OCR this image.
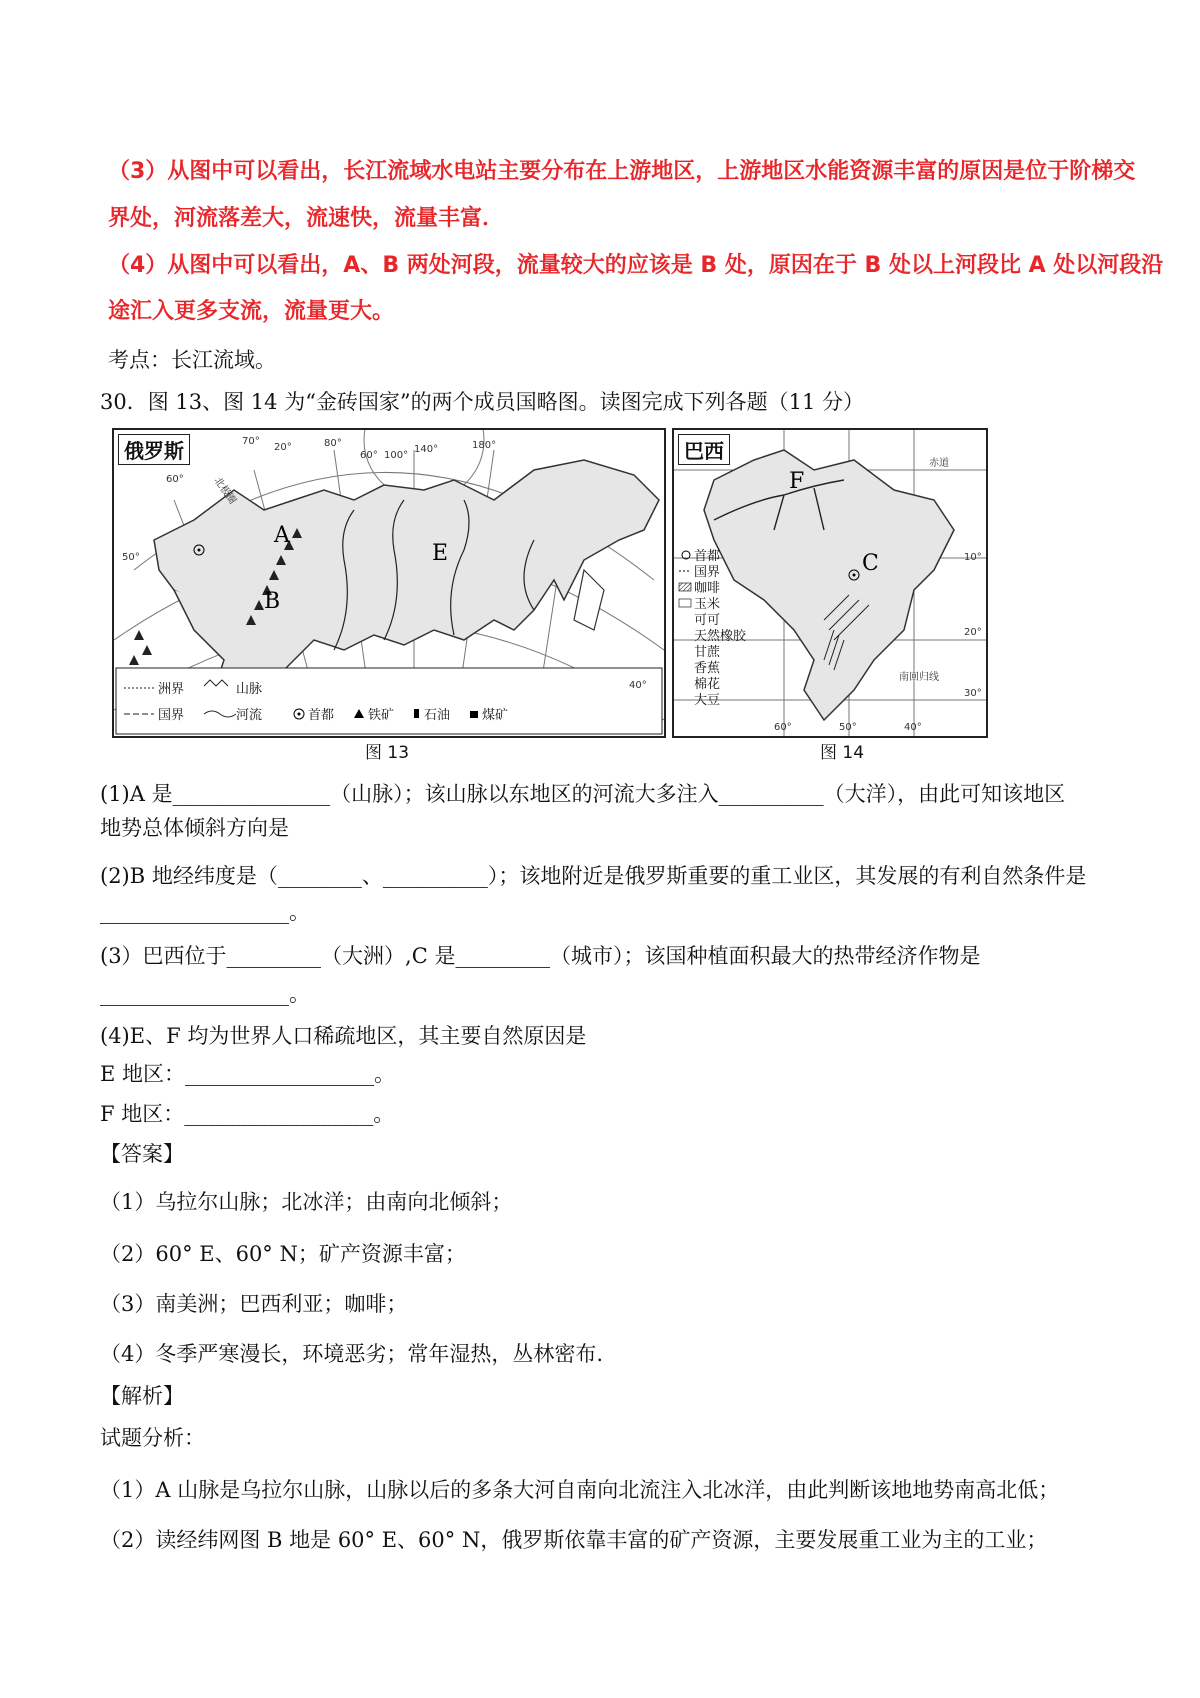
（3）从图中可以看出，长江流域水电站主要分布在上游地区，上游地区水能资源丰富的原因是位于阶梯交
界处，河流落差大，流速快，流量丰富．
（4）从图中可以看出，A、B 两处河段，流量较大的应该是 B 处，原因在于 B 处以上河段比 A 处以河段沿
途汇入更多支流，流量更大。
考点：长江流域。
30．图 13、图 14 为“金砖国家”的两个成员国略图。读图完成下列各题（11 分）
洲界
国界
山脉
河流	首都	铁矿 石油 煤矿
70°
20°	80°
60° 100°
140°	180°
60°
50°
40°
北极圈
A
B
E
俄罗斯
首都
国界
咖啡
玉米
可可
天然橡胶
甘蔗
香蕉
棉花
大豆
赤道
南回归线
10°
20°
30°
60°	50°	40°
F
C
巴西
图 13	图 14
(1)A 是_______________（山脉）；该山脉以东地区的河流大多注入__________（大洋），由此可知该地区
地势总体倾斜方向是
(2)B 地经纬度是（________、__________）；该地附近是俄罗斯重要的重工业区，其发展的有利自然条件是
__________________。
(3）巴西位于_________（大洲）,C 是_________（城市）；该国种植面积最大的热带经济作物是
__________________。
(4)E、F 均为世界人口稀疏地区，其主要自然原因是
E 地区：__________________。
F 地区：__________________。
【答案】
（1）乌拉尔山脉；北冰洋；由南向北倾斜；
（2）60° E、60° N；矿产资源丰富；
（3）南美洲；巴西利亚；咖啡；
（4）冬季严寒漫长，环境恶劣；常年湿热，丛林密布.
【解析】
试题分析：
（1）A 山脉是乌拉尔山脉，山脉以后的多条大河自南向北流注入北冰洋，由此判断该地地势南高北低；
（2）读经纬网图 B 地是 60° E、60° N，俄罗斯依靠丰富的矿产资源，主要发展重工业为主的工业；
